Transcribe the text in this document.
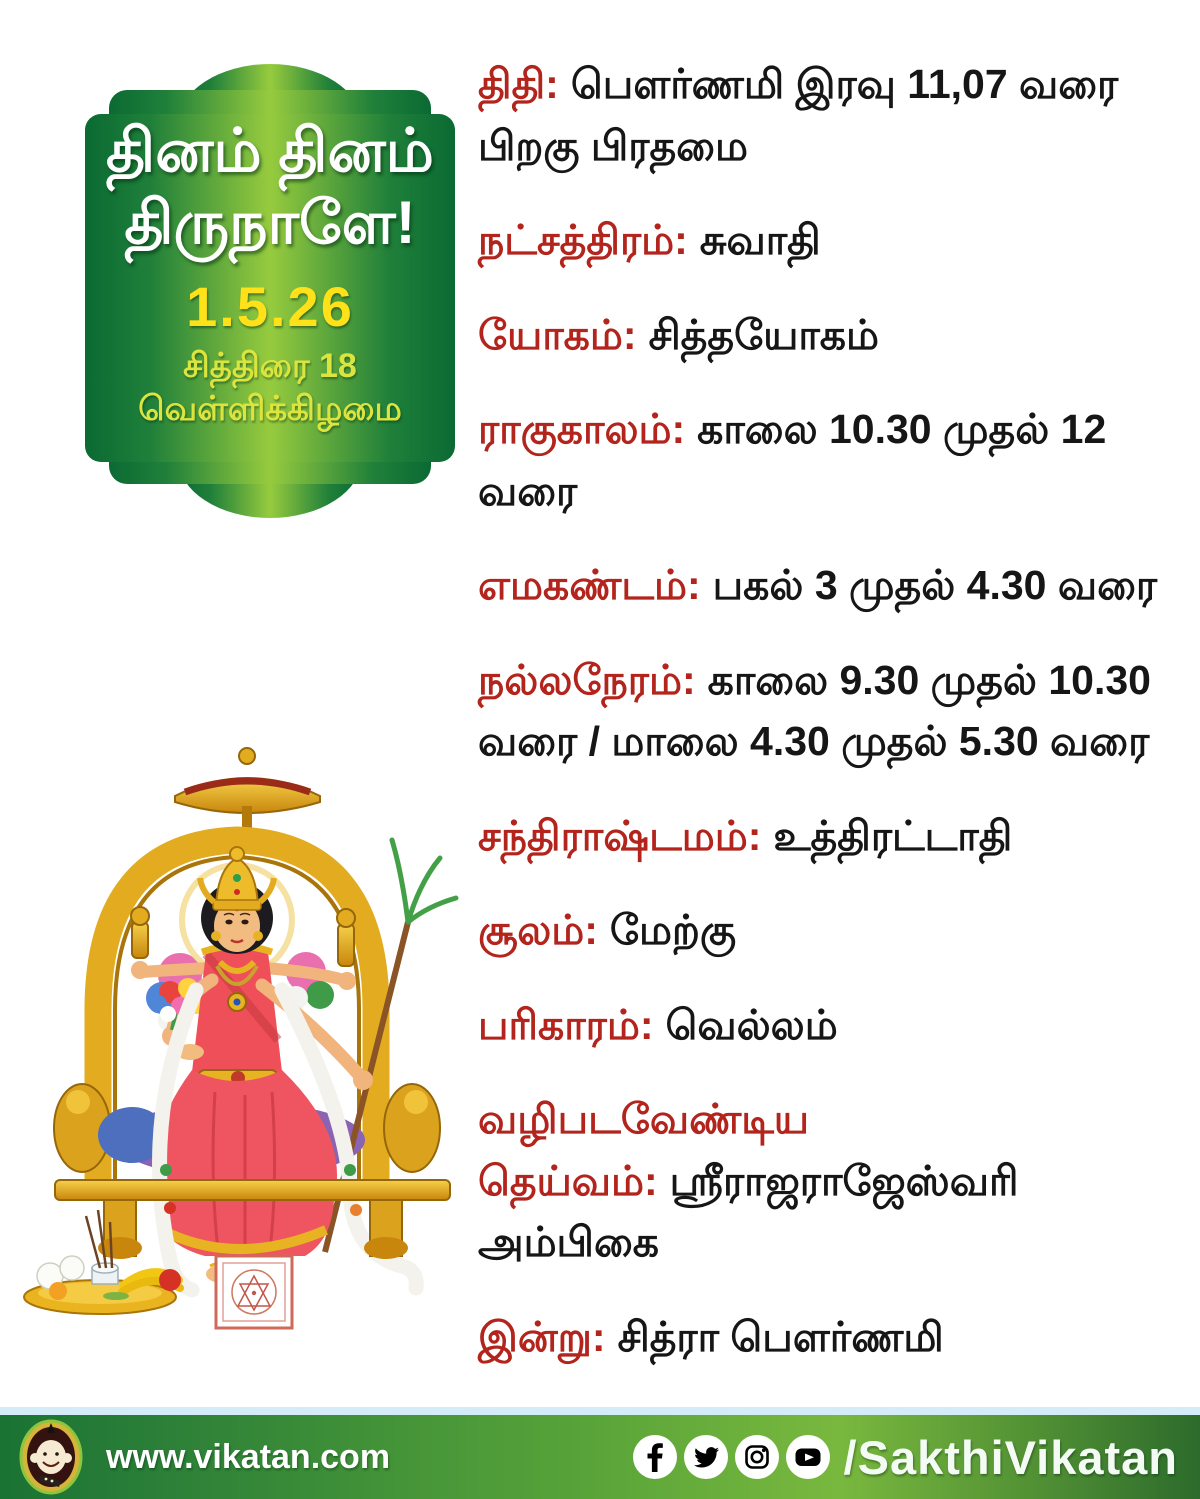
தினம் தினம்
திருநாளே!
1.5.26
சித்திரை 18
வெள்ளிக்கிழமை

திதி: பௌர்ணமி இரவு 11,07 வரை பிறகு பிரதமை

நட்சத்திரம்: சுவாதி

யோகம்: சித்தயோகம்

ராகுகாலம்: காலை 10.30 முதல் 12 வரை

எமகண்டம்: பகல் 3 முதல் 4.30 வரை

நல்லநேரம்: காலை 9.30 முதல் 10.30 வரை / மாலை 4.30 முதல் 5.30 வரை

சந்திராஷ்டமம்: உத்திரட்டாதி

சூலம்: மேற்கு

பரிகாரம்: வெல்லம்

வழிபடவேண்டிய தெய்வம்: ஸ்ரீராஜராஜேஸ்வரி அம்பிகை

இன்று: சித்ரா பௌர்ணமி

www.vikatan.com	/SakthiVikatan
